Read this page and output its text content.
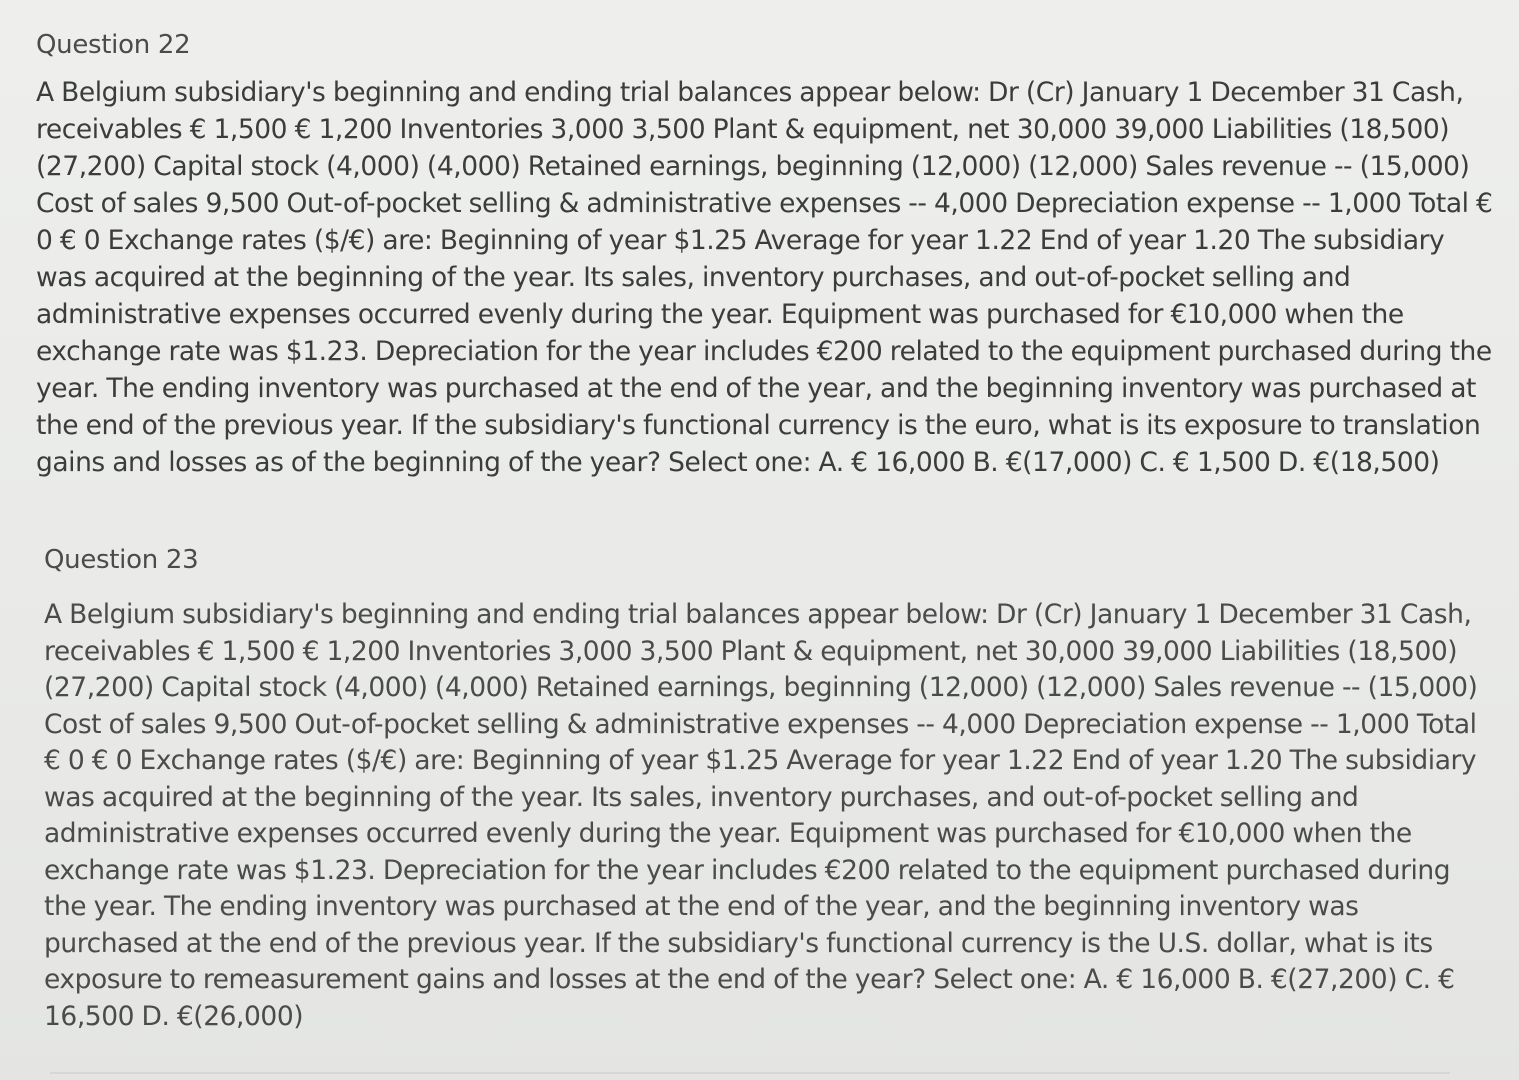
Question 22

A Belgium subsidiary's beginning and ending trial balances appear below: Dr (Cr) January 1 December 31 Cash, receivables € 1,500 € 1,200 Inventories 3,000 3,500 Plant & equipment, net 30,000 39,000 Liabilities (18,500) (27,200) Capital stock (4,000) (4,000) Retained earnings, beginning (12,000) (12,000) Sales revenue -- (15,000) Cost of sales 9,500 Out-of-pocket selling & administrative expenses -- 4,000 Depreciation expense -- 1,000 Total € 0 € 0 Exchange rates ($/€) are: Beginning of year $1.25 Average for year 1.22 End of year 1.20 The subsidiary was acquired at the beginning of the year. Its sales, inventory purchases, and out-of-pocket selling and administrative expenses occurred evenly during the year. Equipment was purchased for €10,000 when the exchange rate was $1.23. Depreciation for the year includes €200 related to the equipment purchased during the year. The ending inventory was purchased at the end of the year, and the beginning inventory was purchased at the end of the previous year. If the subsidiary's functional currency is the euro, what is its exposure to translation gains and losses as of the beginning of the year? Select one: A. € 16,000 B. €(17,000) C. € 1,500 D. €(18,500)

Question 23

A Belgium subsidiary's beginning and ending trial balances appear below: Dr (Cr) January 1 December 31 Cash, receivables € 1,500 € 1,200 Inventories 3,000 3,500 Plant & equipment, net 30,000 39,000 Liabilities (18,500) (27,200) Capital stock (4,000) (4,000) Retained earnings, beginning (12,000) (12,000) Sales revenue -- (15,000) Cost of sales 9,500 Out-of-pocket selling & administrative expenses -- 4,000 Depreciation expense -- 1,000 Total € 0 € 0 Exchange rates ($/€) are: Beginning of year $1.25 Average for year 1.22 End of year 1.20 The subsidiary was acquired at the beginning of the year. Its sales, inventory purchases, and out-of-pocket selling and administrative expenses occurred evenly during the year. Equipment was purchased for €10,000 when the exchange rate was $1.23. Depreciation for the year includes €200 related to the equipment purchased during the year. The ending inventory was purchased at the end of the year, and the beginning inventory was purchased at the end of the previous year. If the subsidiary's functional currency is the U.S. dollar, what is its exposure to remeasurement gains and losses at the end of the year? Select one: A. € 16,000 B. €(27,200) C. € 16,500 D. €(26,000)
